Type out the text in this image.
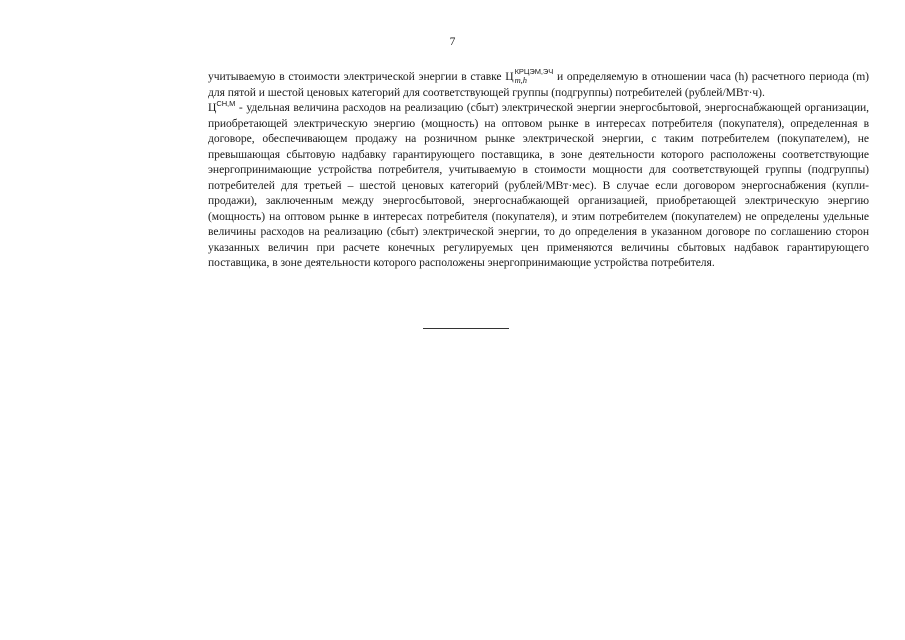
7

учитываемую в стоимости электрической энергии в ставке Ц КРЦЭМ,ЭЧ
m,h	и определяемую в отношении часа (h) расчетного периода (m) для пятой и шестой ценовых категорий для соответствующей группы (подгруппы) потребителей (рублей/МВт·ч).

$Ц^{СН,М}$ - удельная величина расходов на реализацию (сбыт) электрической энергии энергосбытовой, энергоснабжающей организации, приобретающей электрическую энергию (мощность) на оптовом рынке в интересах потребителя (покупателя), определенная в договоре, обеспечивающем продажу на розничном рынке электрической энергии, с таким потребителем (покупателем), не превышающая сбытовую надбавку гарантирующего поставщика, в зоне деятельности которого расположены соответствующие энергопринимающие устройства потребителя, учитываемую в стоимости мощности для соответствующей группы (подгруппы) потребителей для третьей – шестой ценовых категорий (рублей/МВт·мес). В случае если договором энергоснабжения (купли-продажи), заключенным между энергосбытовой, энергоснабжающей организацией, приобретающей электрическую энергию (мощность) на оптовом рынке в интересах потребителя (покупателя), и этим потребителем (покупателем) не определены удельные величины расходов на реализацию (сбыт) электрической энергии, то до определения в указанном договоре по соглашению сторон указанных величин при расчете конечных регулируемых цен применяются величины сбытовых надбавок гарантирующего поставщика, в зоне деятельности которого расположены энергопринимающие устройства потребителя.
